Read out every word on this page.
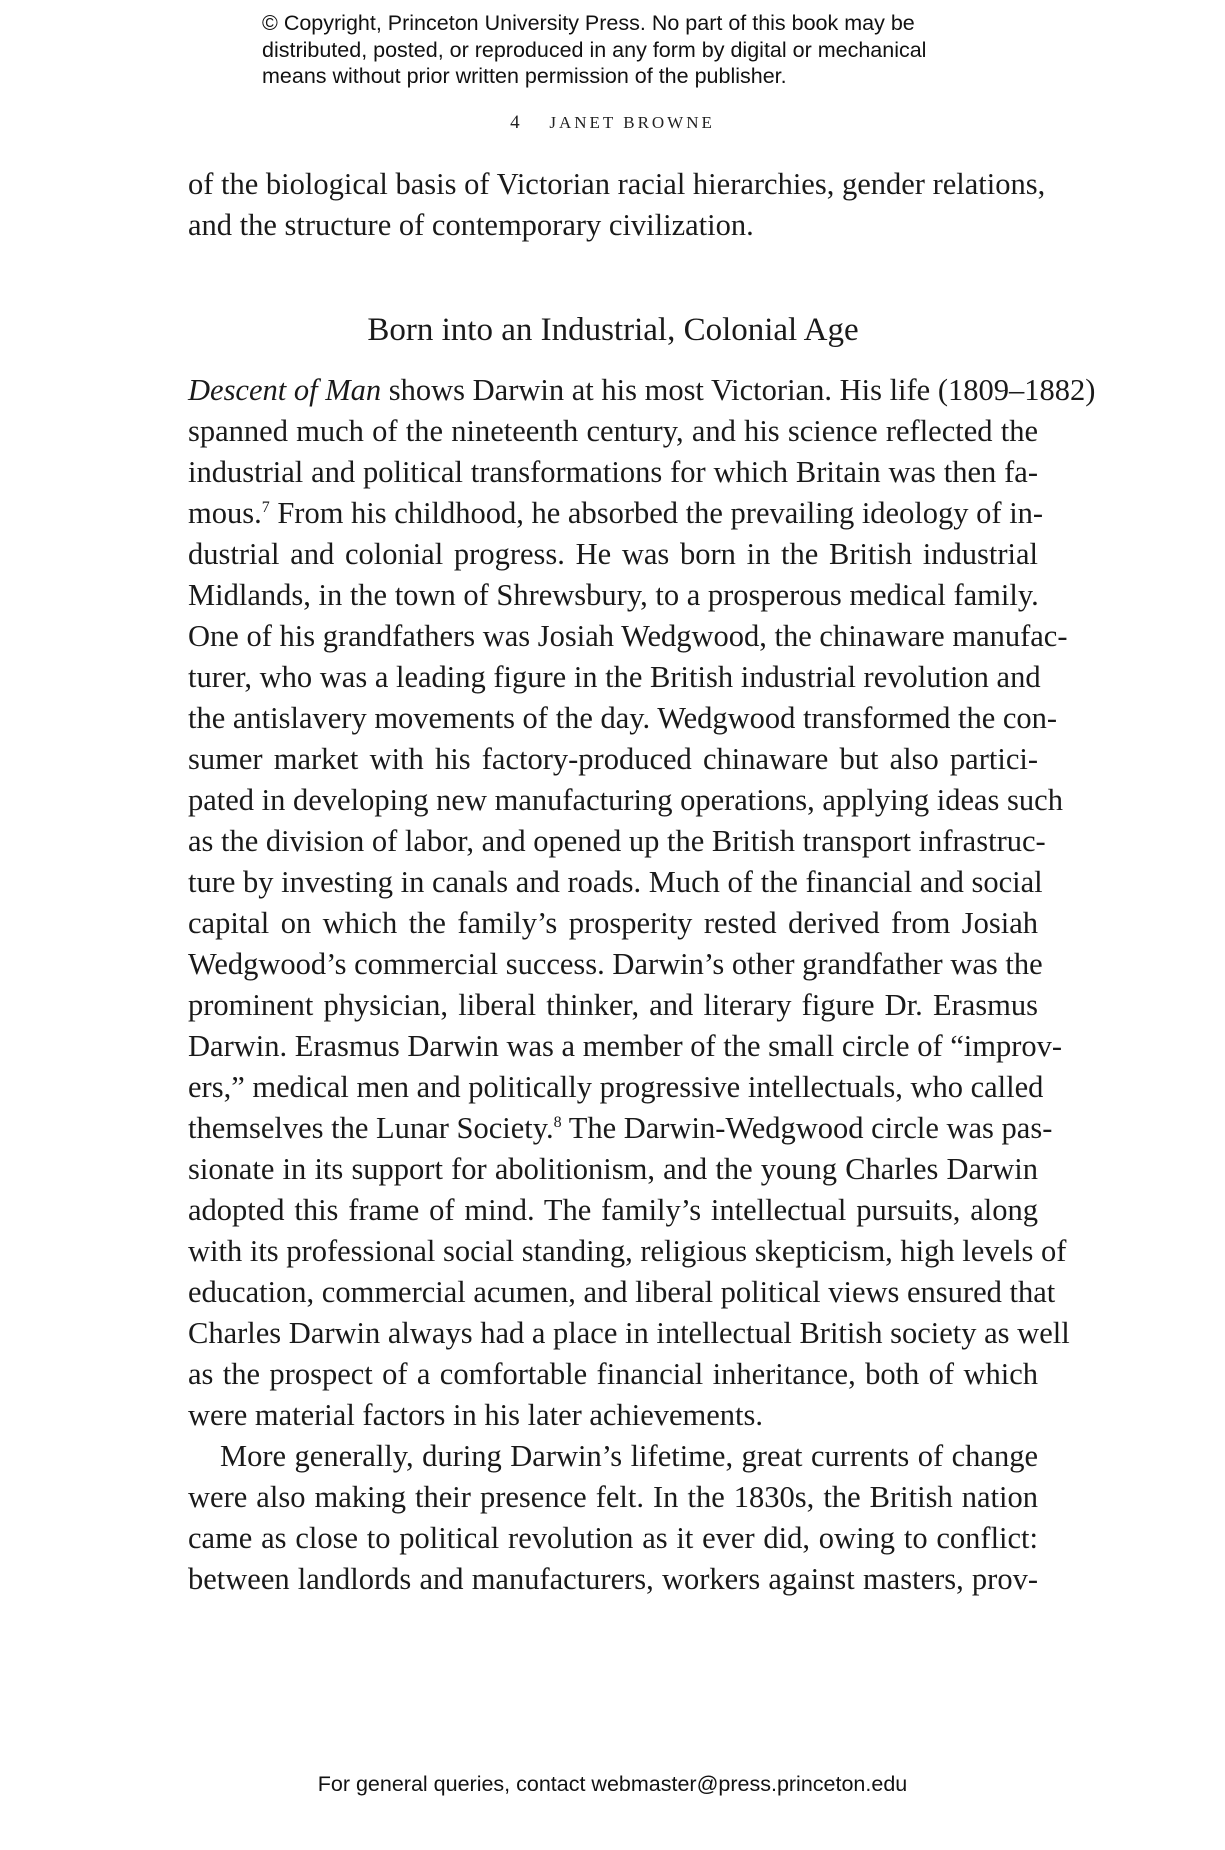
© Copyright, Princeton University Press. No part of this book may be
distributed, posted, or reproduced in any form by digital or mechanical
means without prior written permission of the publisher.
4 JANET BROWNE
of the biological basis of Victorian racial hierarchies, gender relations,
and the structure of contemporary civilization.
Born into an Industrial, Colonial Age
Descent of Man shows Darwin at his most Victorian. His life (1809–1882)
spanned much of the nineteenth century, and his science reflected the
industrial and political transformations for which Britain was then fa-
mous.$^7$ From his childhood, he absorbed the prevailing ideology of in-
dustrial and colonial progress. He was born in the British industrial
Midlands, in the town of Shrewsbury, to a prosperous medical family.
One of his grandfathers was Josiah Wedgwood, the chinaware manufac-
turer, who was a leading figure in the British industrial revolution and
the antislavery movements of the day. Wedgwood transformed the con-
sumer market with his factory-produced chinaware but also partici-
pated in developing new manufacturing operations, applying ideas such
as the division of labor, and opened up the British transport infrastruc-
ture by investing in canals and roads. Much of the financial and social
capital on which the family’s prosperity rested derived from Josiah
Wedgwood’s commercial success. Darwin’s other grandfather was the
prominent physician, liberal thinker, and literary figure Dr. Erasmus
Darwin. Erasmus Darwin was a member of the small circle of “improv-
ers,” medical men and politically progressive intellectuals, who called
themselves the Lunar Society.$^8$ The Darwin-Wedgwood circle was pas-
sionate in its support for abolitionism, and the young Charles Darwin
adopted this frame of mind. The family’s intellectual pursuits, along
with its professional social standing, religious skepticism, high levels of
education, commercial acumen, and liberal political views ensured that
Charles Darwin always had a place in intellectual British society as well
as the prospect of a comfortable financial inheritance, both of which
were material factors in his later achievements.
More generally, during Darwin’s lifetime, great currents of change
were also making their presence felt. In the 1830s, the British nation
came as close to political revolution as it ever did, owing to conflict:
between landlords and manufacturers, workers against masters, prov-
For general queries, contact webmaster@press.princeton.edu
